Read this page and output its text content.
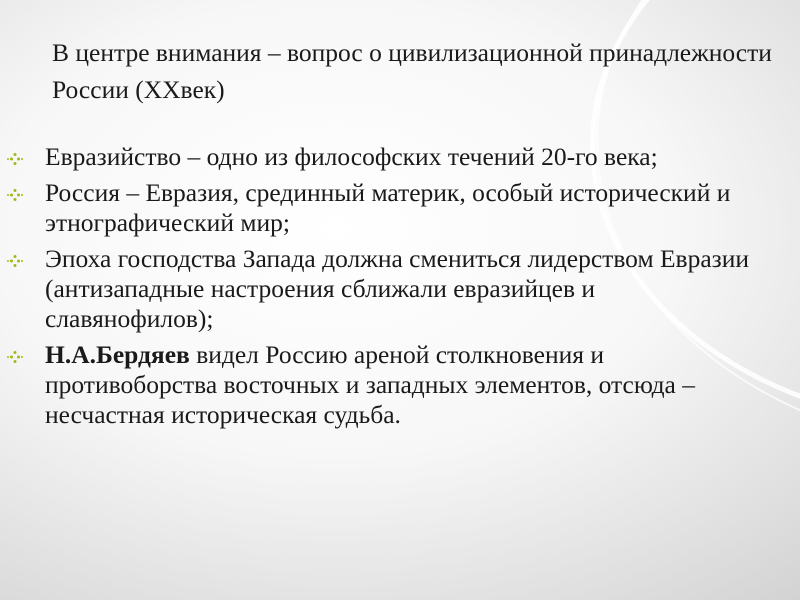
В центре внимания – вопрос о цивилизационной принадлежности России (XXвек)
Евразийство – одно из философских течений 20-го века;
Россия – Евразия, срединный материк, особый исторический и этнографический мир;
Эпоха господства Запада должна смениться лидерством Евразии (антизападные настроения сближали евразийцев и славянофилов);
Н.А.Бердяев видел Россию ареной столкновения и противоборства восточных и западных элементов, отсюда – несчастная историческая судьба.
